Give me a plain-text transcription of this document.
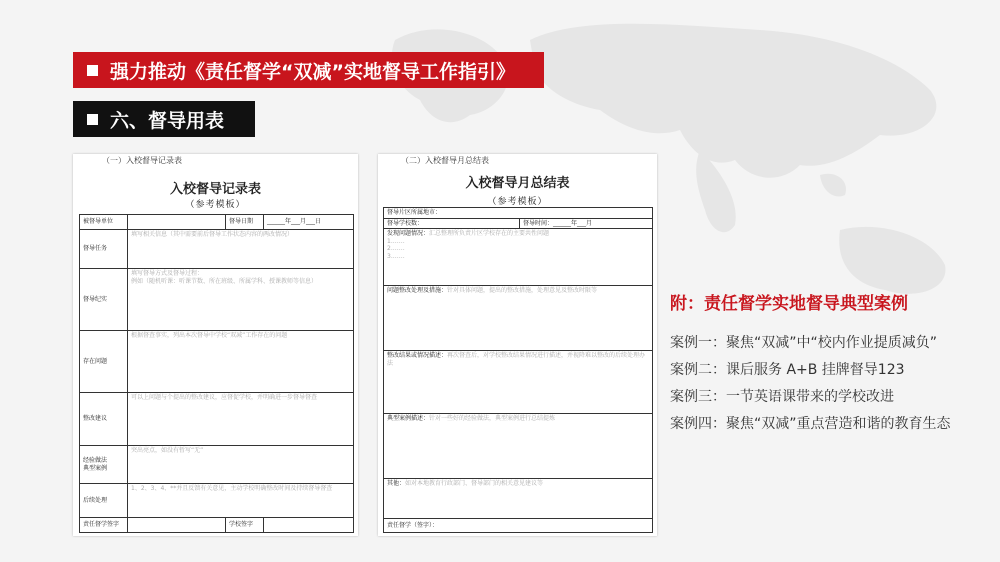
强力推动《责任督学“双减”实地督导工作指引》
六、督导用表
（一）入校督导记录表
入校督导记录表
（参考模板）
被督导单位		督导日期	______年___月___日
督导任务	填写相关信息（其中需要前后督导工作状态内容的两改情况）		

督导纪实	填写督导方式及督导过程：
例如（随机听课：听课节数、所在班级、所属学科、授课教师等信息）		

存在问题	根据督查事实，列出本次督导中学校“双减”工作存在的问题		

整改建议	可以上问题与个提出的整改建议，应督促学校，并明确进一步督导督查		

经验做法
典型案例	突出亮点，如没有暂写“无”		

后续处理	1、2、3、4、**并且反馈有关意见，主动学校明确整改时间及持续督导督查		

责任督学签字		学校签字	
（二）入校督导月总结表
入校督导月总结表
（参考模板）
督导片区所属地市：
督导学校数：	督导时间：______年___月
发现问题情况：汇总整理所负责片区学校存在的主要共性问题
1.……
2.……
3.……

问题整改处理及措施：针对具体问题，提出的整改措施，处理意见及整改时限等
整改结果或情况描述：再次督查后，对学校整改结果情况进行描述，并视降难以整改的后续处理办法
典型案例描述：针对一些好的经验做法，典型案例进行总结提炼
其他：如对本地教育行政部门、督导部门的相关意见建议等
责任督学（签字）：
附：责任督学实地督导典型案例
案例一：聚焦“双减”中“校内作业提质减负”
案例二：课后服务 A+B 挂牌督导123
案例三：一节英语课带来的学校改进
案例四：聚焦“双减”重点营造和谐的教育生态
